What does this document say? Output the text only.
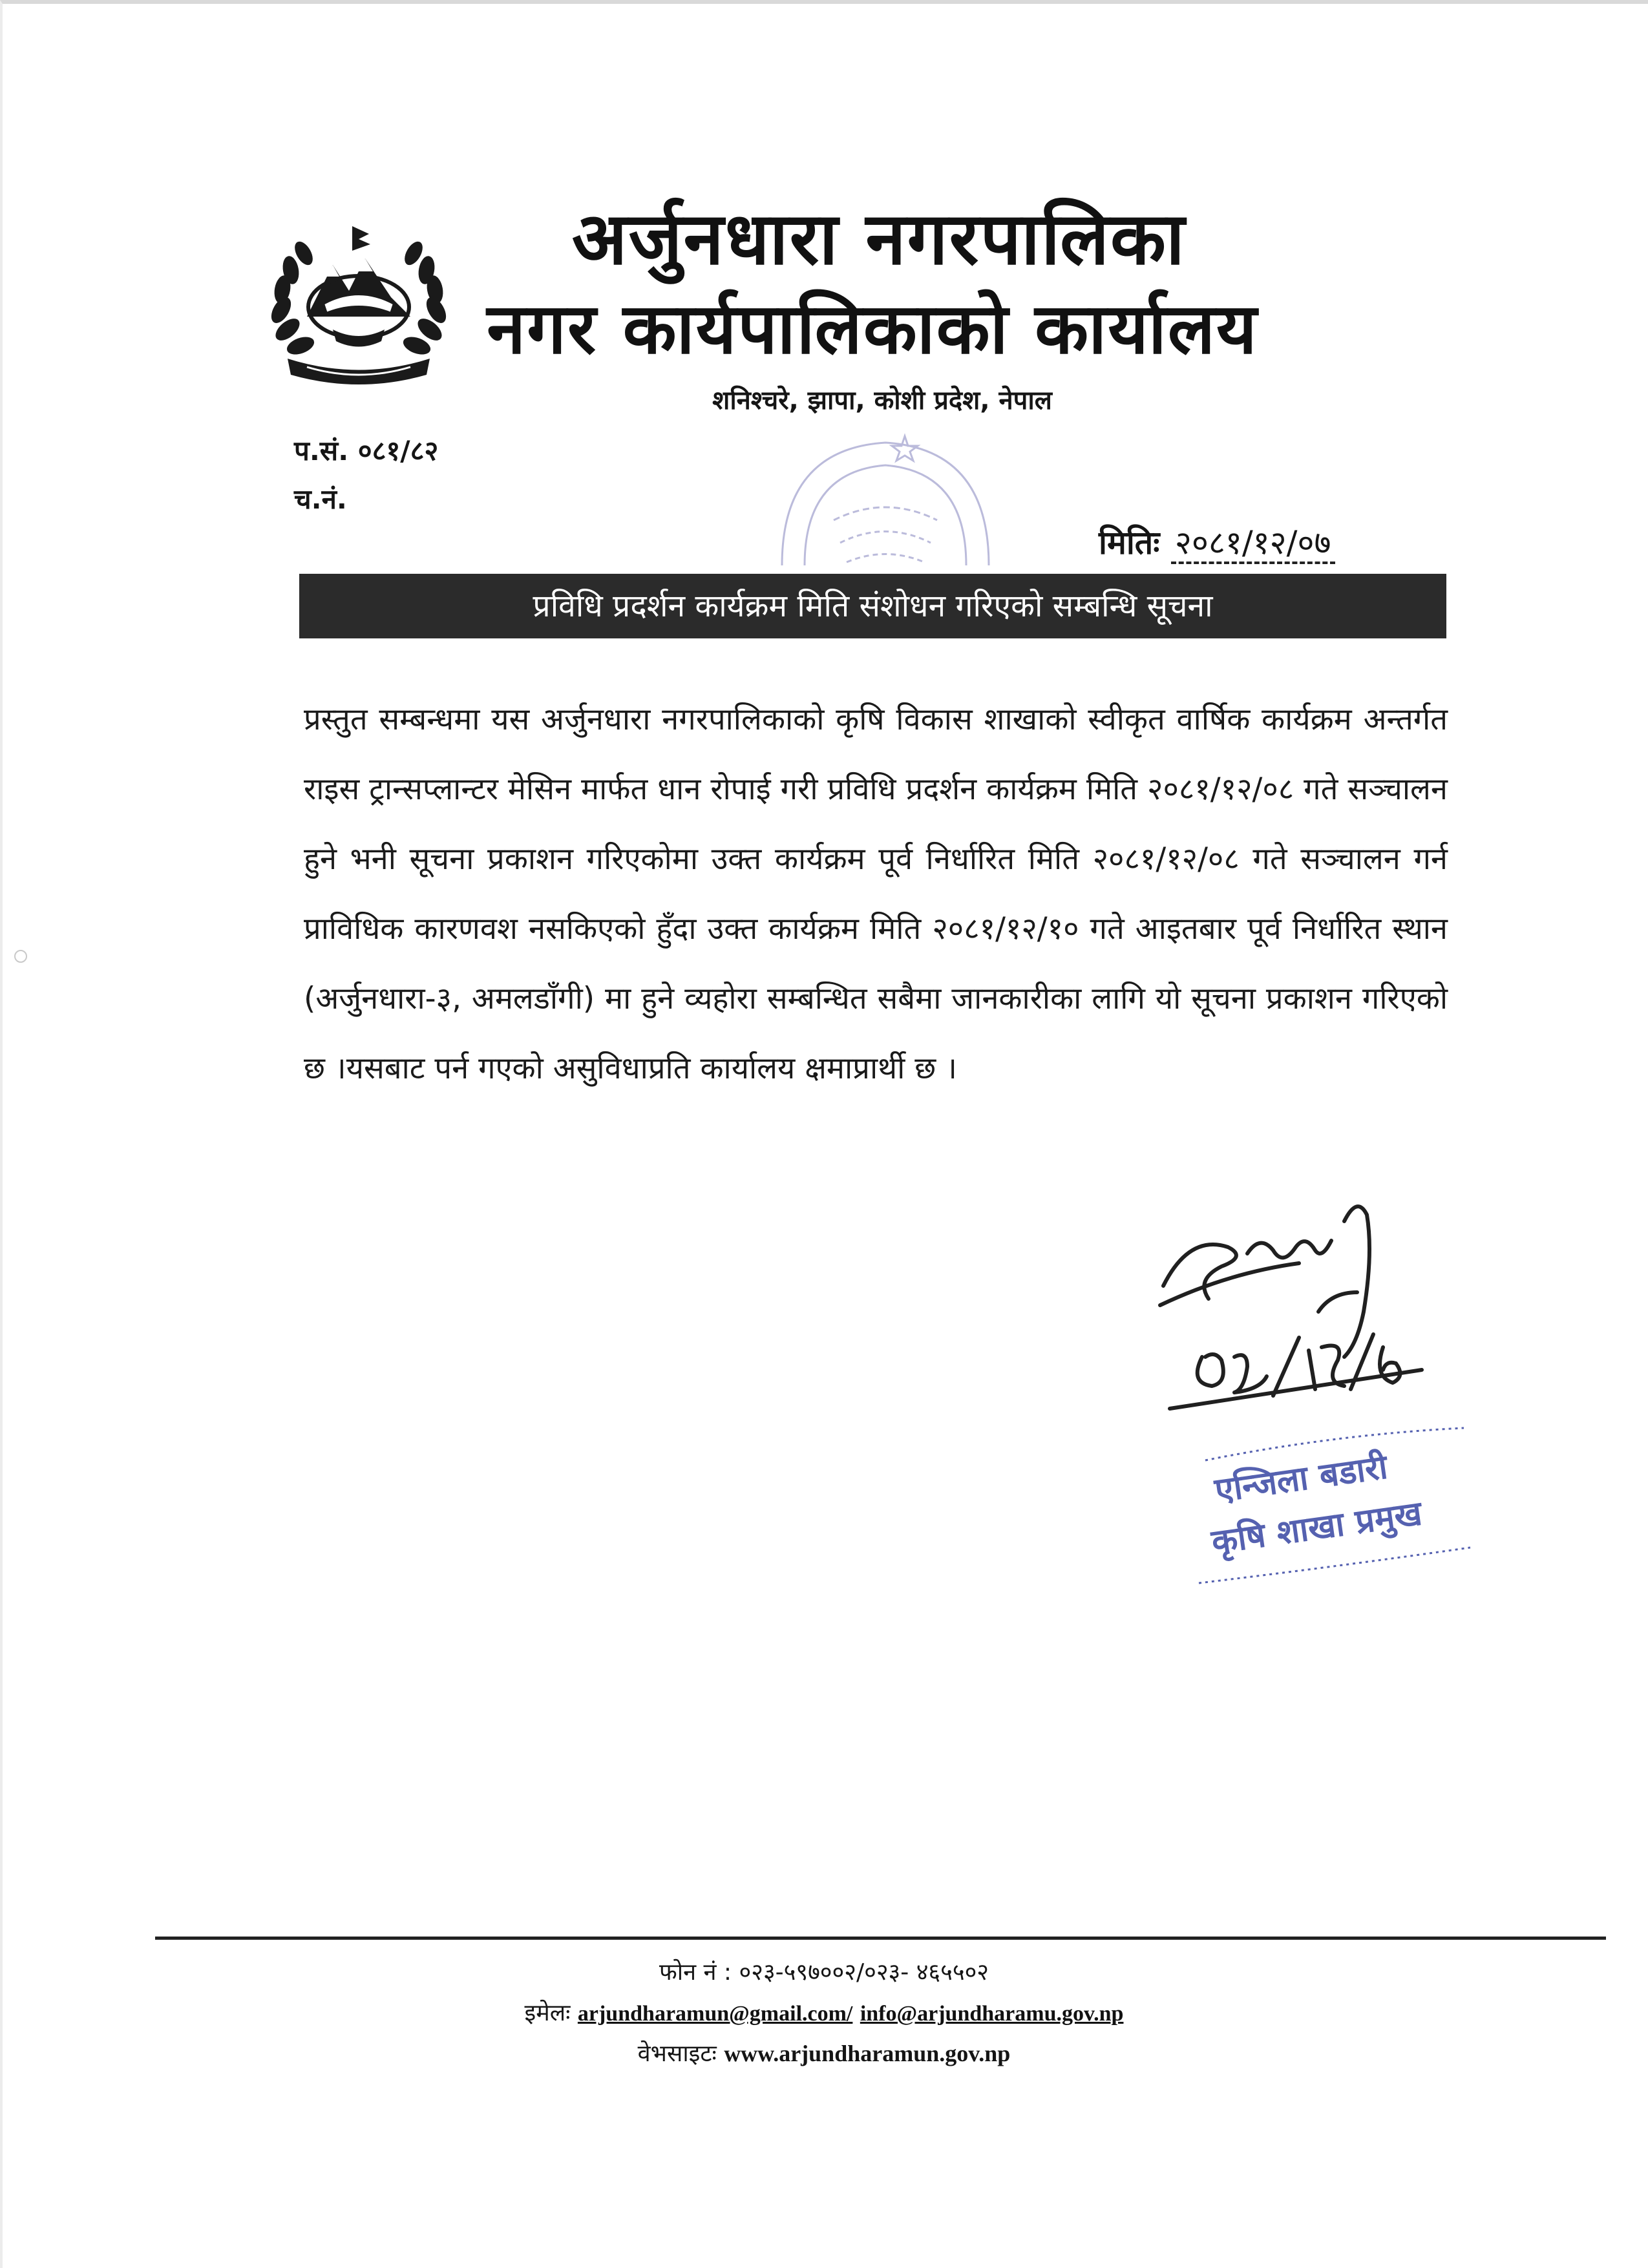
अर्जुनधारा नगरपालिका
नगर कार्यपालिकाको कार्यालय
शनिश्चरे, झापा, कोशी प्रदेश, नेपाल
प.सं. ०८१/८२
च.नं.
मितिः २०८१/१२/०७
प्रविधि प्रदर्शन कार्यक्रम मिति संशोधन गरिएको सम्बन्धि सूचना
प्रस्तुत सम्बन्धमा यस अर्जुनधारा नगरपालिकाको कृषि विकास शाखाको स्वीकृत वार्षिक कार्यक्रम अन्तर्गत राइस ट्रान्सप्लान्टर मेसिन मार्फत धान रोपाई गरी प्रविधि प्रदर्शन कार्यक्रम मिति २०८१/१२/०८ गते सञ्चालन हुने भनी सूचना प्रकाशन गरिएकोमा उक्त कार्यक्रम पूर्व निर्धारित मिति २०८१/१२/०८ गते सञ्चालन गर्न प्राविधिक कारणवश नसकिएको हुँदा उक्त कार्यक्रम मिति २०८१/१२/१० गते आइतबार पूर्व निर्धारित स्थान (अर्जुनधारा-३, अमलडाँगी) मा हुने व्यहोरा सम्बन्धित सबैमा जानकारीका लागि यो सूचना प्रकाशन गरिएको छ ।यसबाट पर्न गएको असुविधाप्रति कार्यालय क्षमाप्रार्थी छ ।
एन्जिला बडारी
कृषि शाखा प्रमुख
फोन नं : ०२३-५९७००२/०२३- ४६५५०२
इमेलः arjundharamun@gmail.com/ info@arjundharamu.gov.np
वेभसाइटः www.arjundharamun.gov.np
